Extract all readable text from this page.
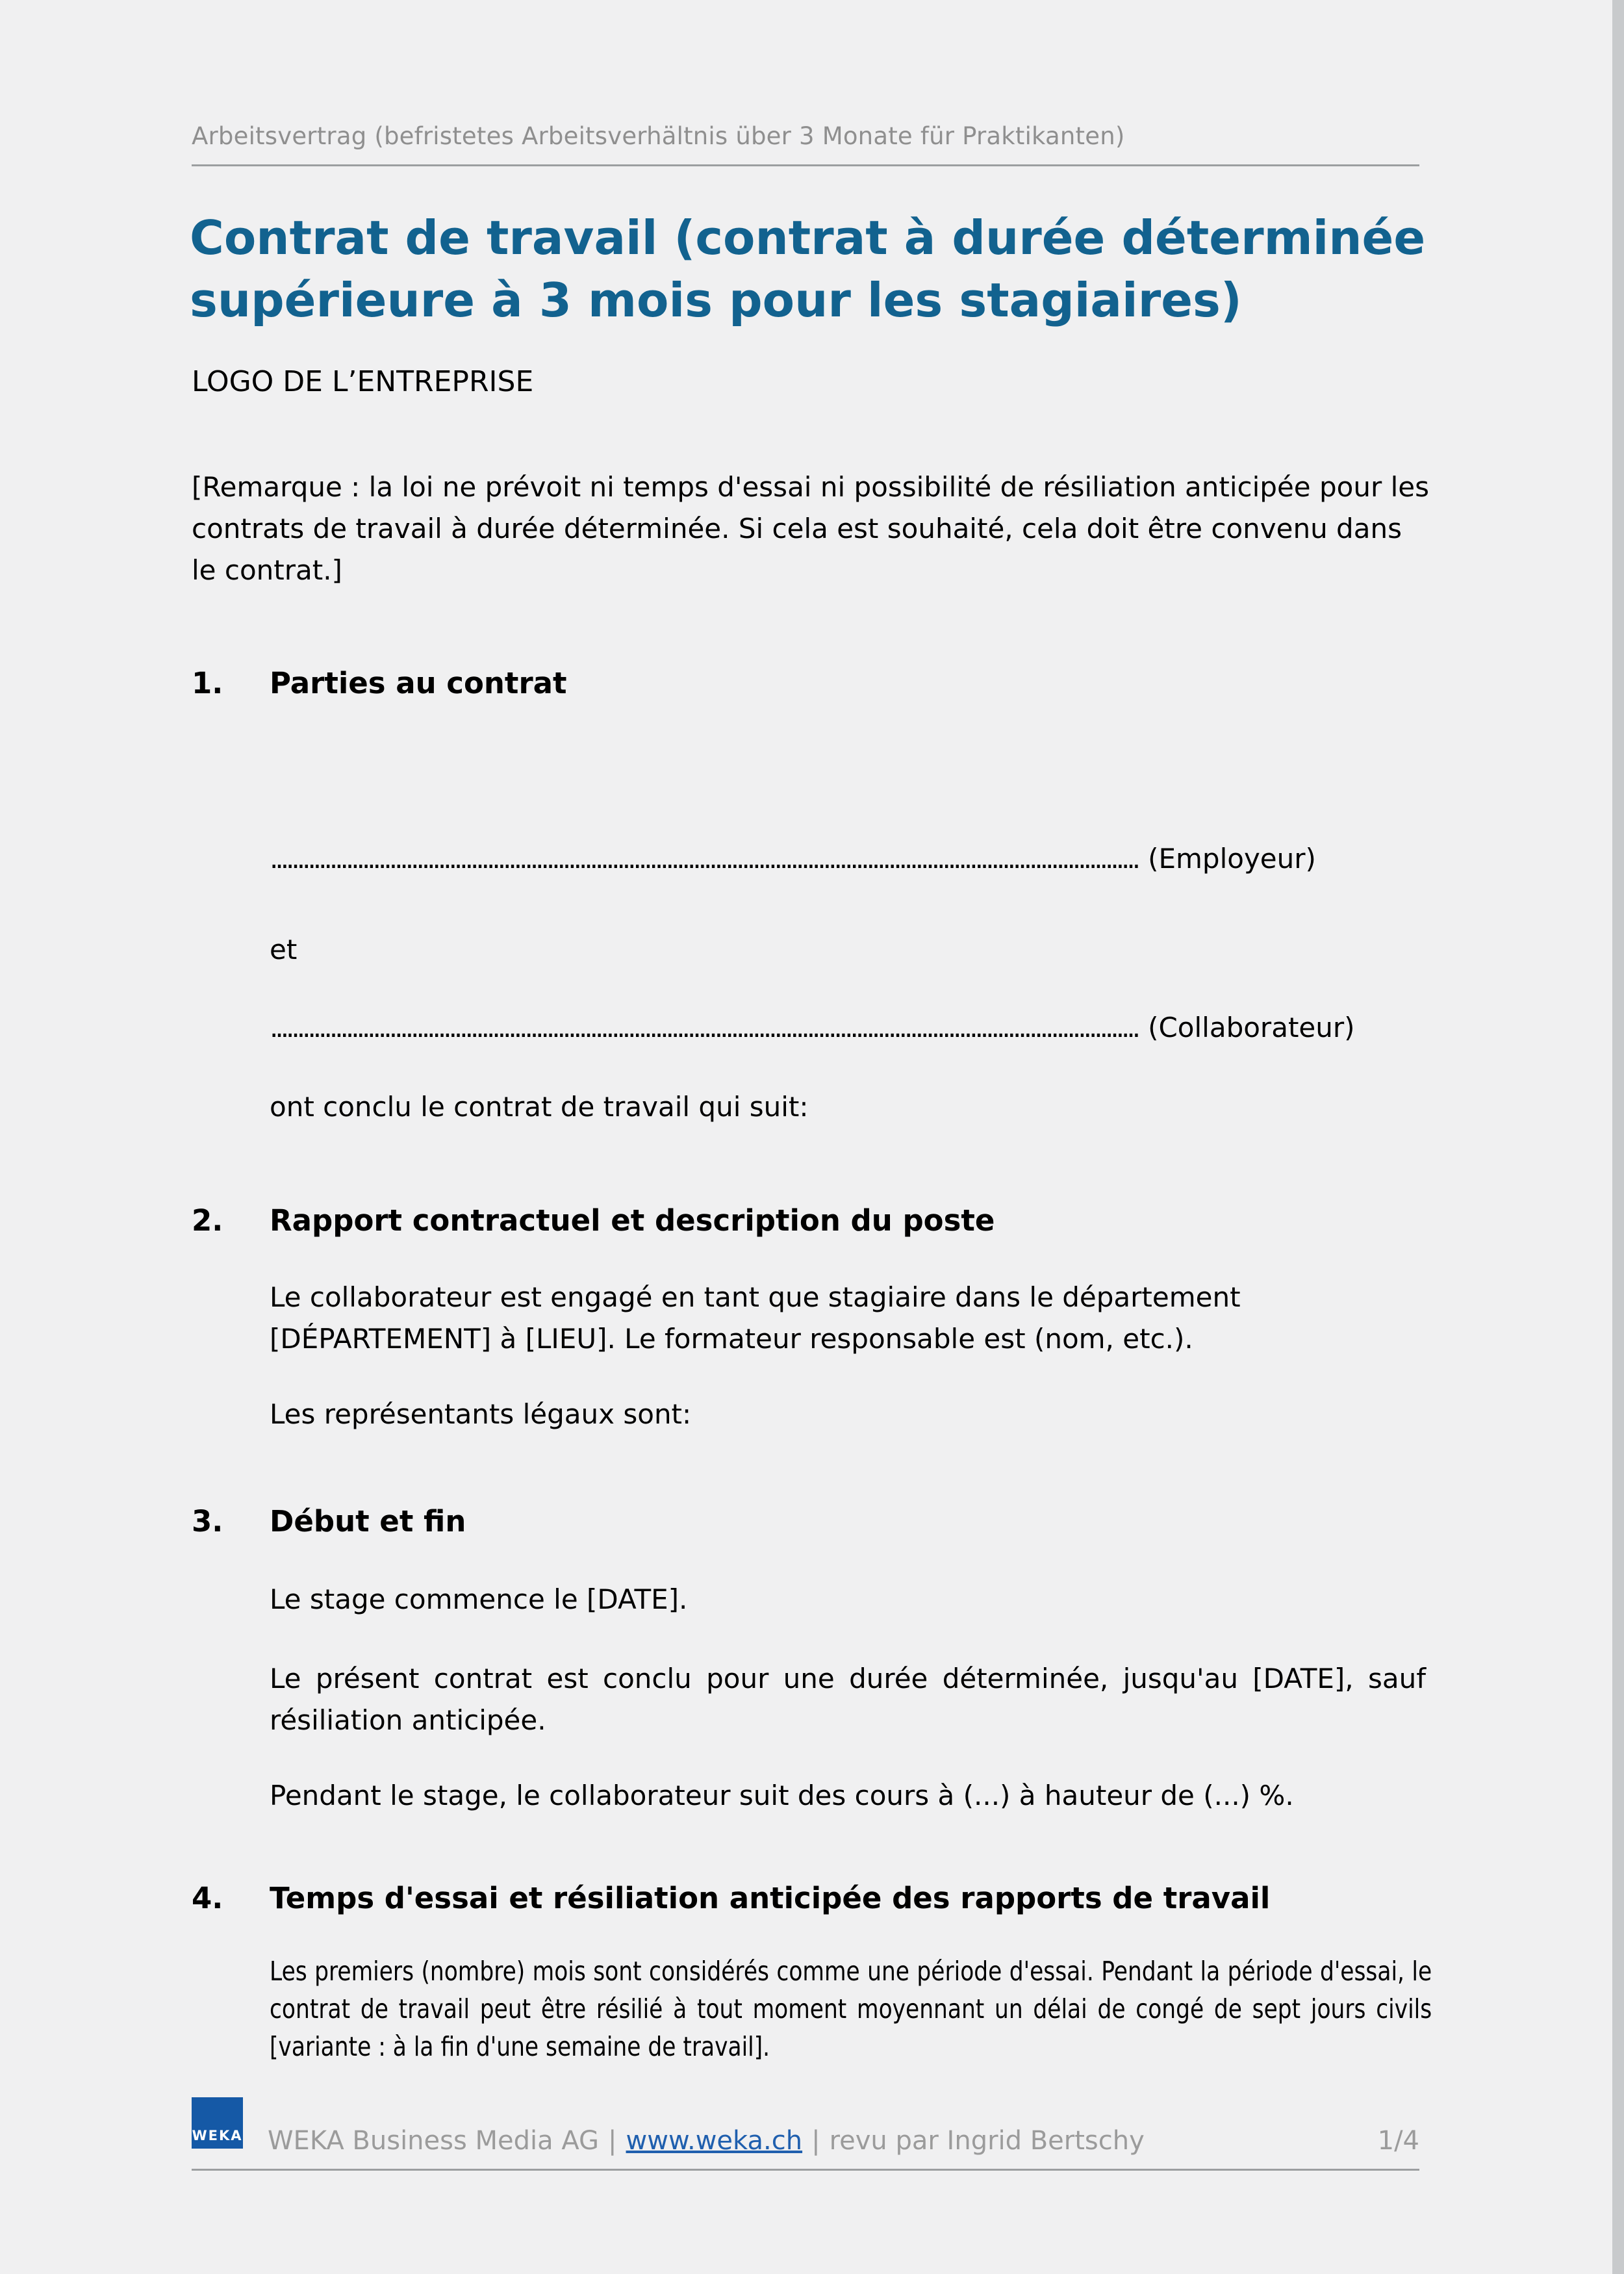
Arbeitsvertrag (befristetes Arbeitsverhältnis über 3 Monate für Praktikanten)
Contrat de travail (contrat à durée déterminée supérieure à 3 mois pour les stagiaires)
LOGO DE L’ENTREPRISE

[Remarque : la loi ne prévoit ni temps d'essai ni possibilité de résiliation anticipée pour les contrats de travail à durée déterminée. Si cela est souhaité, cela doit être convenu dans le contrat.]

1. Parties au contrat
................................................................................................................................................................ (Employeur)
et
................................................................................................................................................................ (Collaborateur)

ont conclu le contrat de travail qui suit:

2. Rapport contractuel et description du poste

Le collaborateur est engagé en tant que stagiaire dans le département [DÉPARTEMENT] à [LIEU]. Le formateur responsable est (nom, etc.).

Les représentants légaux sont:

3. Début et fin

Le stage commence le [DATE].

Le présent contrat est conclu pour une durée déterminée, jusqu'au [DATE], sauf résiliation anticipée.

Pendant le stage, le collaborateur suit des cours à (...) à hauteur de (...) %.

4. Temps d'essai et résiliation anticipée des rapports de travail

Les premiers (nombre) mois sont considérés comme une période d'essai. Pendant la période d'essai, le contrat de travail peut être résilié à tout moment moyennant un délai de congé de sept jours civils [variante : à la fin d'une semaine de travail].

WEKA WEKA Business Media AG | www.weka.ch | revu par Ingrid Bertschy	1/4
